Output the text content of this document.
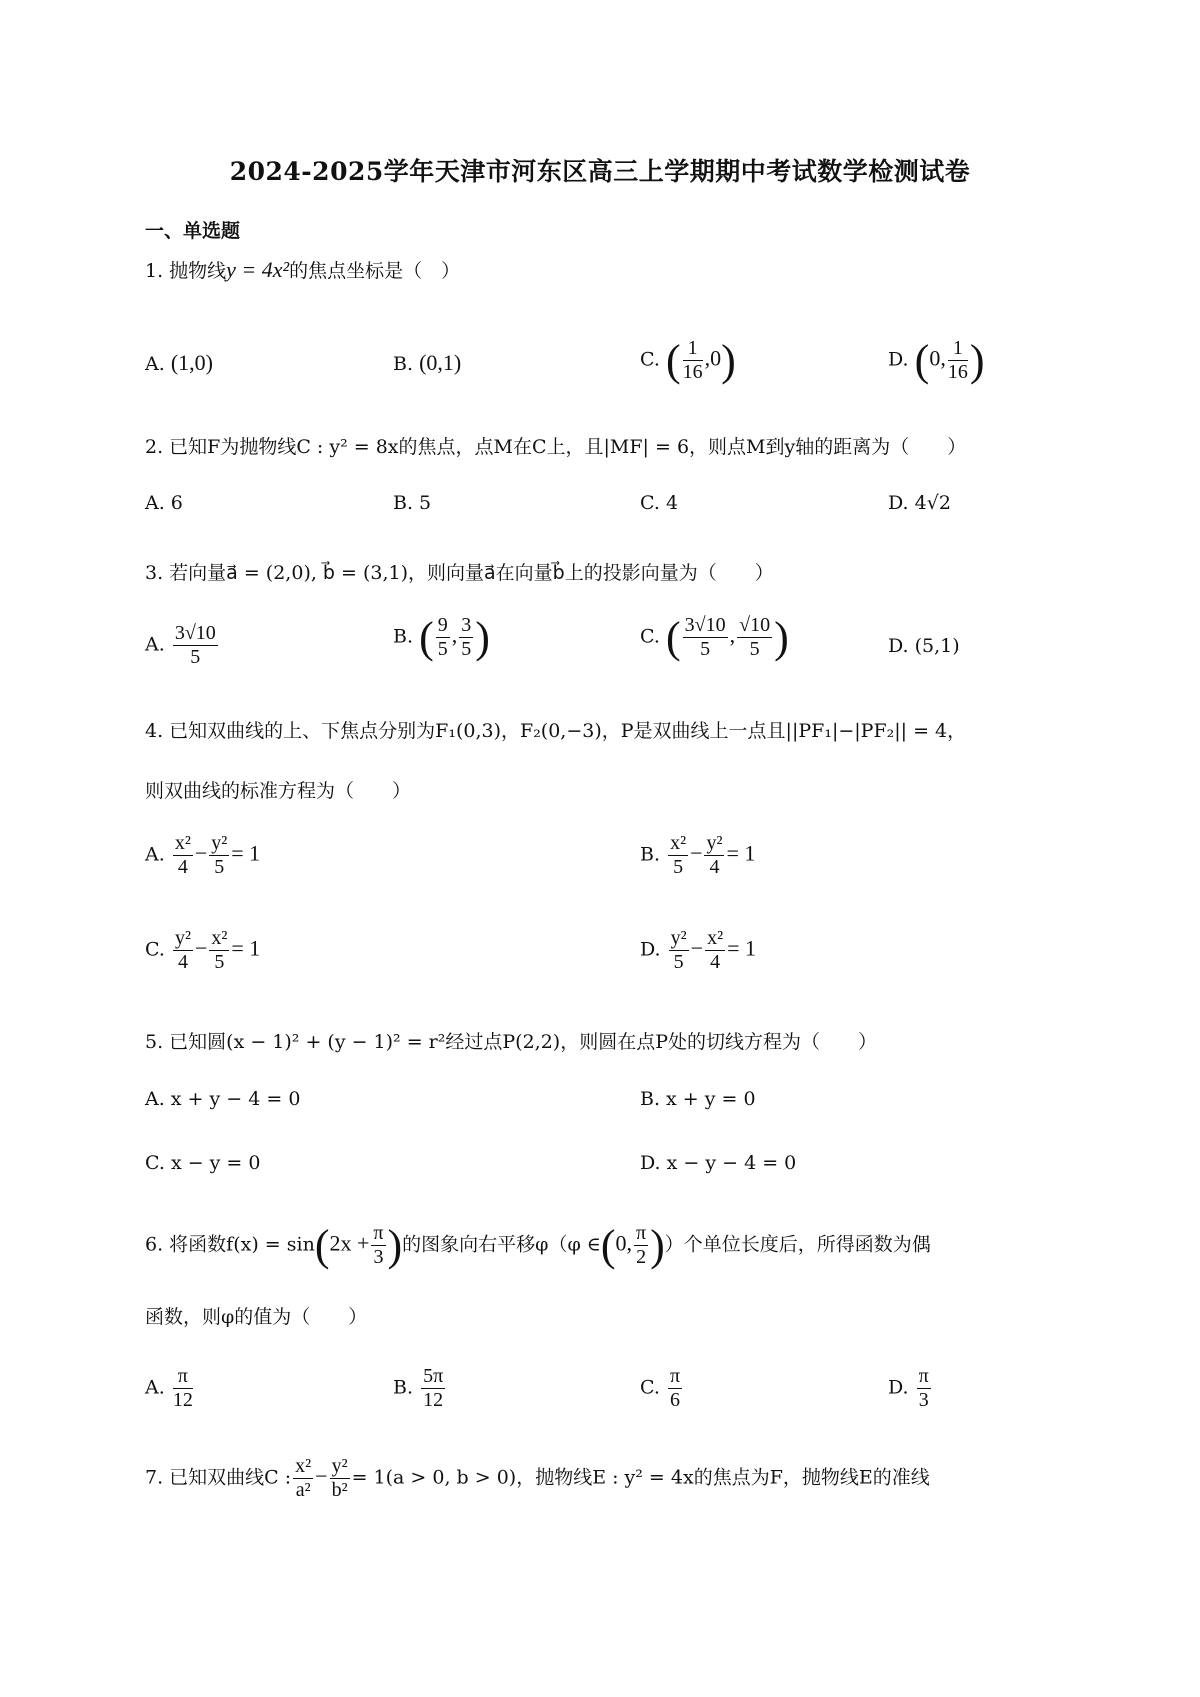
2024-2025学年天津市河东区高三上学期期中考试数学检测试卷
一、单选题
1. 抛物线y = 4x²的焦点坐标是（　）
A. (1,0)	B. (0,1)	C. ( $\frac{1}{16} ,0$)	D. (0, $\frac{1}{16}$ )
2. 已知F为抛物线C : y² = 8x的焦点，点M在C上，且|MF| = 6，则点M到y轴的距离为（　　）
A. 6	B. 5	C. 4	D. 4√2
3. 若向量a⃗ = (2,0), b⃗ = (3,1)，则向量a⃗在向量b⃗上的投影向量为（　　）
A. $\frac{3√10}{5}$	B. ( $\frac{9}{5}$ , $\frac{3}{5}$ )	C. ( $\frac{3√10}{5}$ , $\frac{√10}{5}$ )	D. (5,1)
4. 已知双曲线的上、下焦点分别为F₁(0,3)，F₂(0,−3)，P是双曲线上一点且||PF₁|−|PF₂|| = 4，
则双曲线的标准方程为（　　）
A. $\frac{\text{x²}}{4} - \frac{\text{y²}}{5} = 1$	B. $\frac{\text{x²}}{5} - \frac{\text{y²}}{4} = 1$
C. $\frac{\text{y²}}{4} - \frac{\text{x²}}{5} = 1$	D. $\frac{\text{y²}}{5} - \frac{\text{x²}}{4} = 1$
5. 已知圆(x − 1)² + (y − 1)² = r²经过点P(2,2)，则圆在点P处的切线方程为（　　）
A. x + y − 4 = 0	B. x + y = 0
C. x − y = 0	D. x − y − 4 = 0
6. 将函数$f(x) = \sin(2x + \frac{\pi}{3}$ )的图象向右平移φ（φ ∈(0, $\frac{\pi}{2}$ )）个单位长度后，所得函数为偶
函数，则φ的值为（　　）
A. $\frac{\pi}{12}$	B. $\frac{5\pi}{12}$	C. $\frac{\pi}{6}$	D. $\frac{\pi}{3}$
7. 已知双曲线C : $\frac{\text{x²}}{\text{a²}} - \frac{\text{y²}}{\text{b²}} = 1(a > 0$, b > 0)，抛物线E : y² = 4x的焦点为F，抛物线E的准线
